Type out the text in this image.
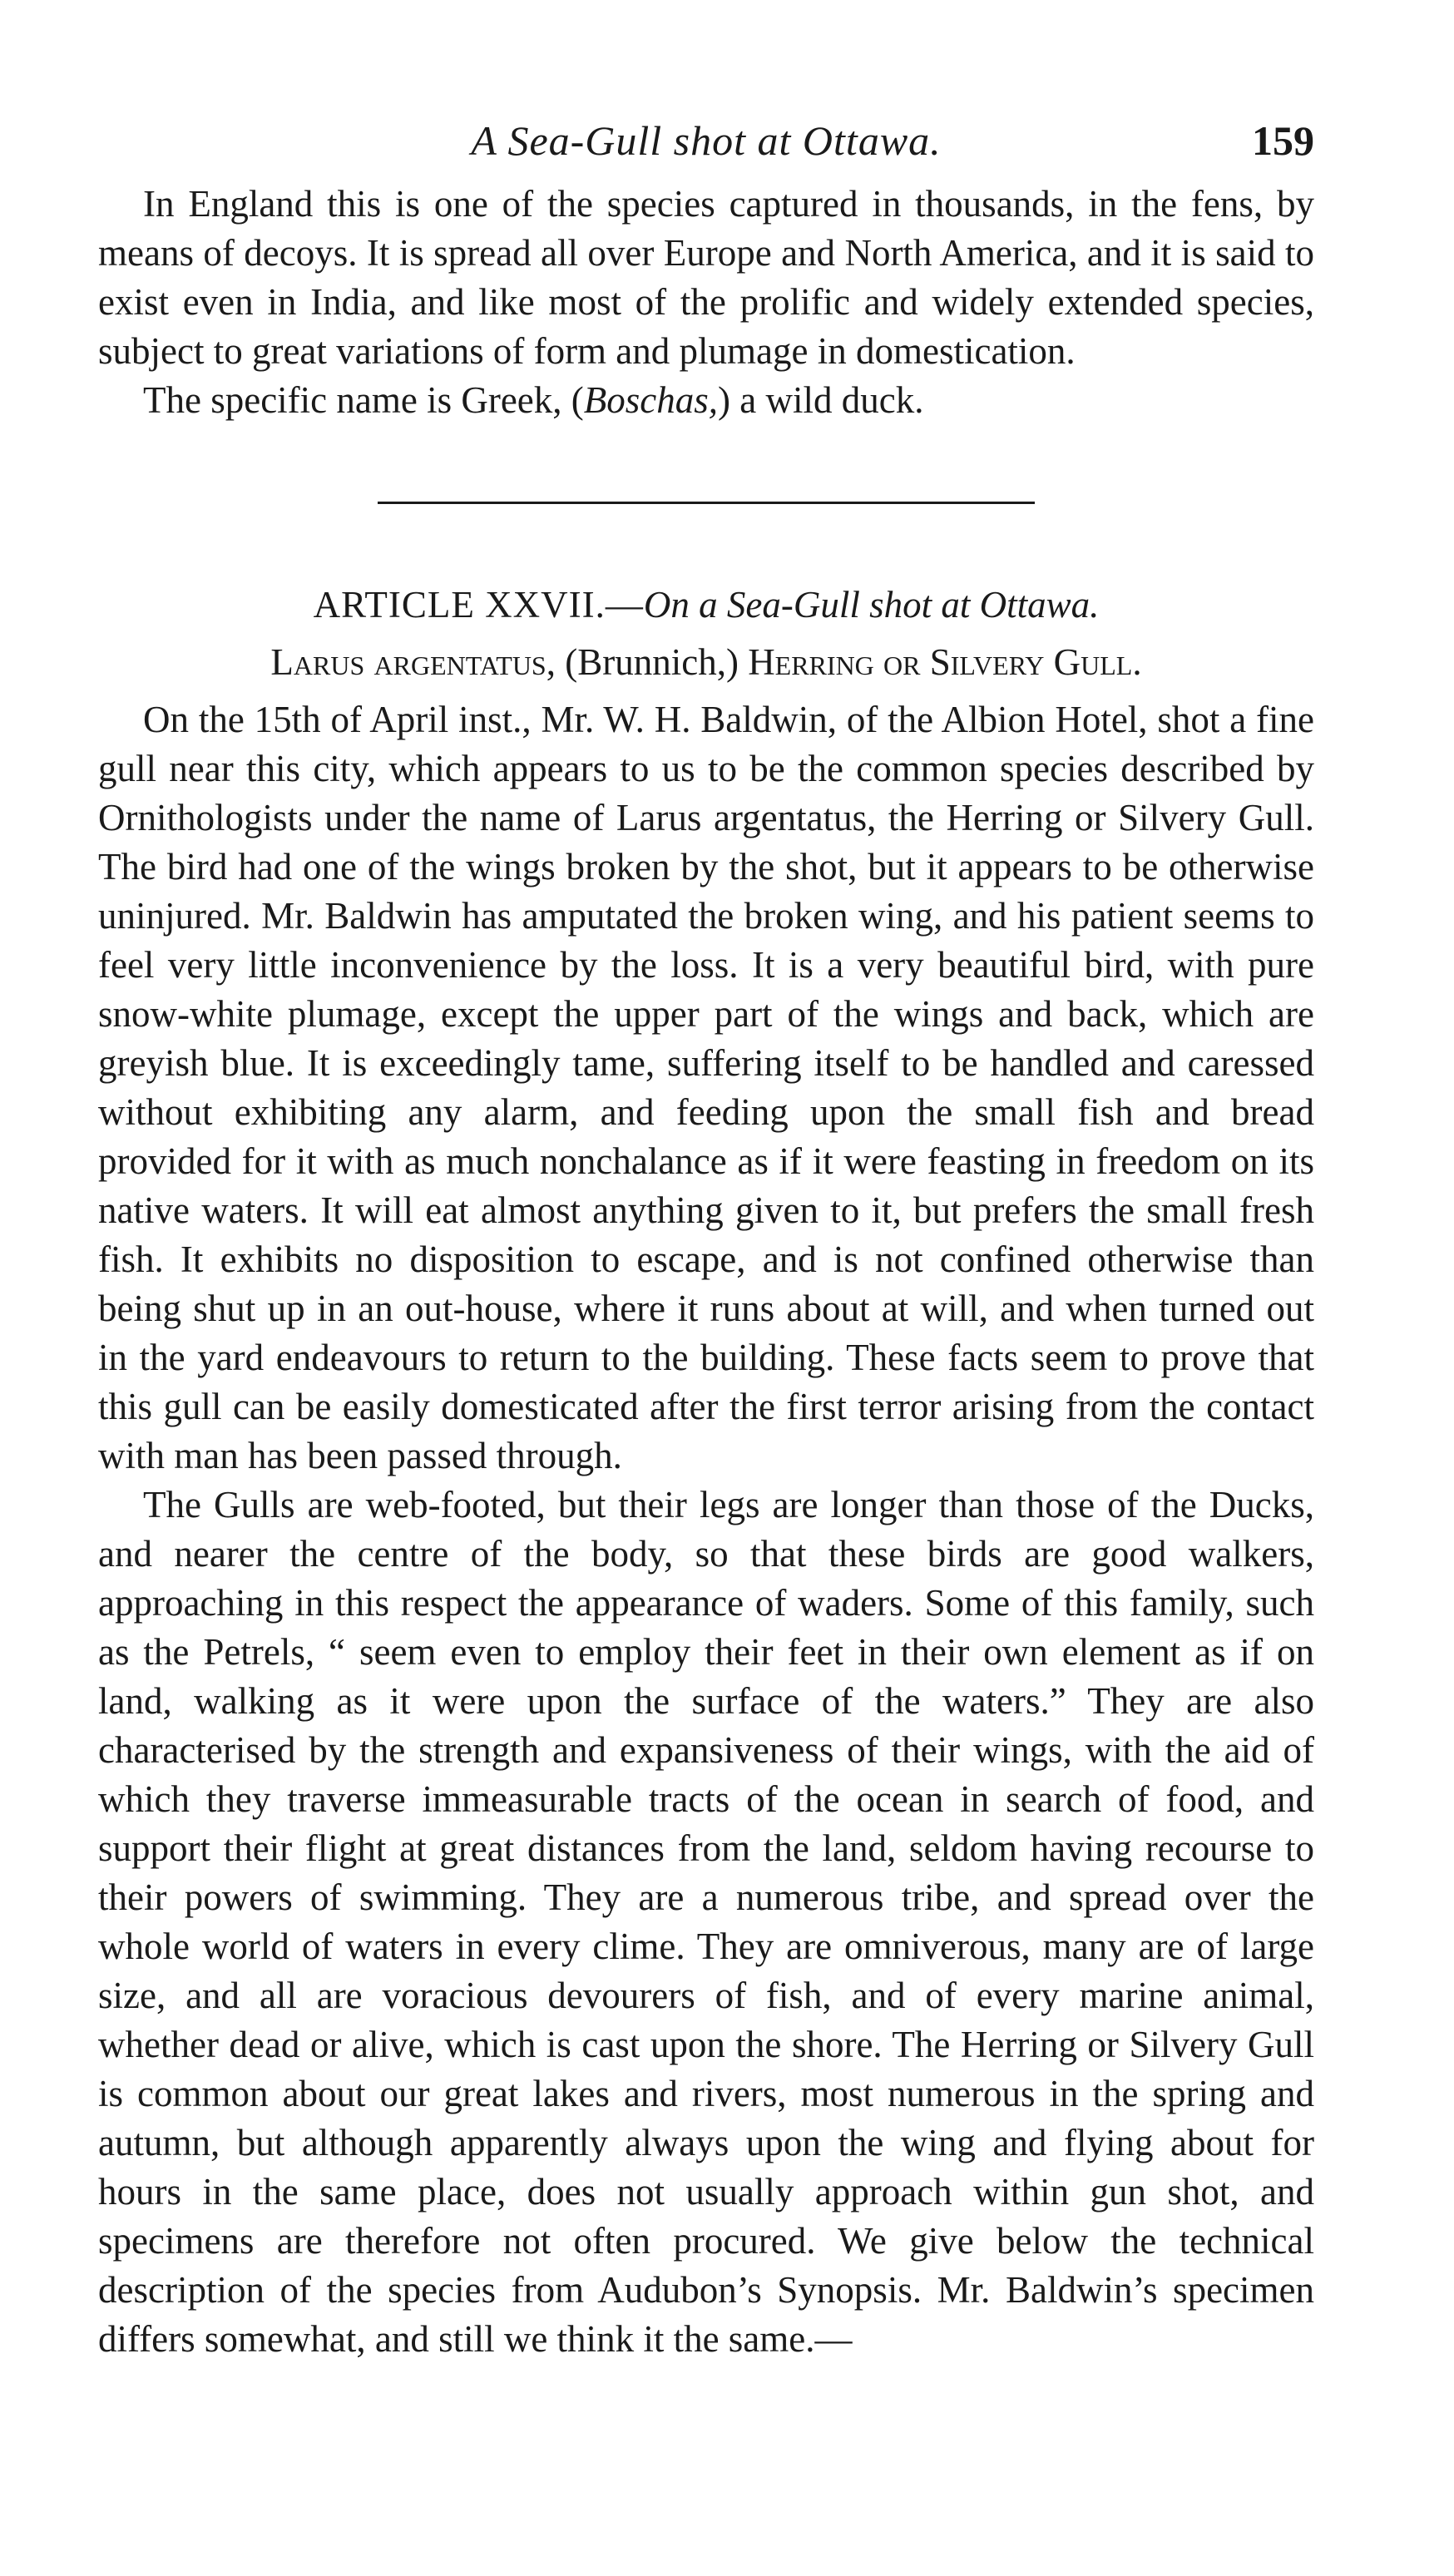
A Sea-Gull shot at Ottawa.	159

In England this is one of the species captured in thousands, in the fens, by means of decoys. It is spread all over Europe and North America, and it is said to exist even in India, and like most of the prolific and widely extended species, subject to great variations of form and plumage in domestication.

The specific name is Greek, (Boschas,) a wild duck.

ARTICLE XXVII.—On a Sea-Gull shot at Ottawa.
Larus argentatus, (Brunnich,) Herring or Silvery Gull.

On the 15th of April inst., Mr. W. H. Baldwin, of the Albion Hotel, shot a fine gull near this city, which appears to us to be the common species described by Ornithologists under the name of Larus argentatus, the Herring or Silvery Gull. The bird had one of the wings broken by the shot, but it appears to be otherwise uninjured. Mr. Baldwin has amputated the broken wing, and his patient seems to feel very little inconvenience by the loss. It is a very beautiful bird, with pure snow-white plumage, except the upper part of the wings and back, which are greyish blue. It is exceedingly tame, suffering itself to be handled and caressed without exhibiting any alarm, and feeding upon the small fish and bread provided for it with as much nonchalance as if it were feasting in freedom on its native waters. It will eat almost anything given to it, but prefers the small fresh fish. It exhibits no disposition to escape, and is not confined otherwise than being shut up in an out-house, where it runs about at will, and when turned out in the yard endeavours to return to the building. These facts seem to prove that this gull can be easily domesticated after the first terror arising from the contact with man has been passed through.

The Gulls are web-footed, but their legs are longer than those of the Ducks, and nearer the centre of the body, so that these birds are good walkers, approaching in this respect the appearance of waders. Some of this family, such as the Petrels, “ seem even to employ their feet in their own element as if on land, walking as it were upon the surface of the waters.” They are also characterised by the strength and expansiveness of their wings, with the aid of which they traverse immeasurable tracts of the ocean in search of food, and support their flight at great distances from the land, seldom having recourse to their powers of swimming. They are a numerous tribe, and spread over the whole world of waters in every clime. They are omniverous, many are of large size, and all are voracious devourers of fish, and of every marine animal, whether dead or alive, which is cast upon the shore. The Herring or Silvery Gull is common about our great lakes and rivers, most numerous in the spring and autumn, but although apparently always upon the wing and flying about for hours in the same place, does not usually approach within gun shot, and specimens are therefore not often procured. We give below the technical description of the species from Audubon’s Synopsis. Mr. Baldwin’s specimen differs somewhat, and still we think it the same.—
